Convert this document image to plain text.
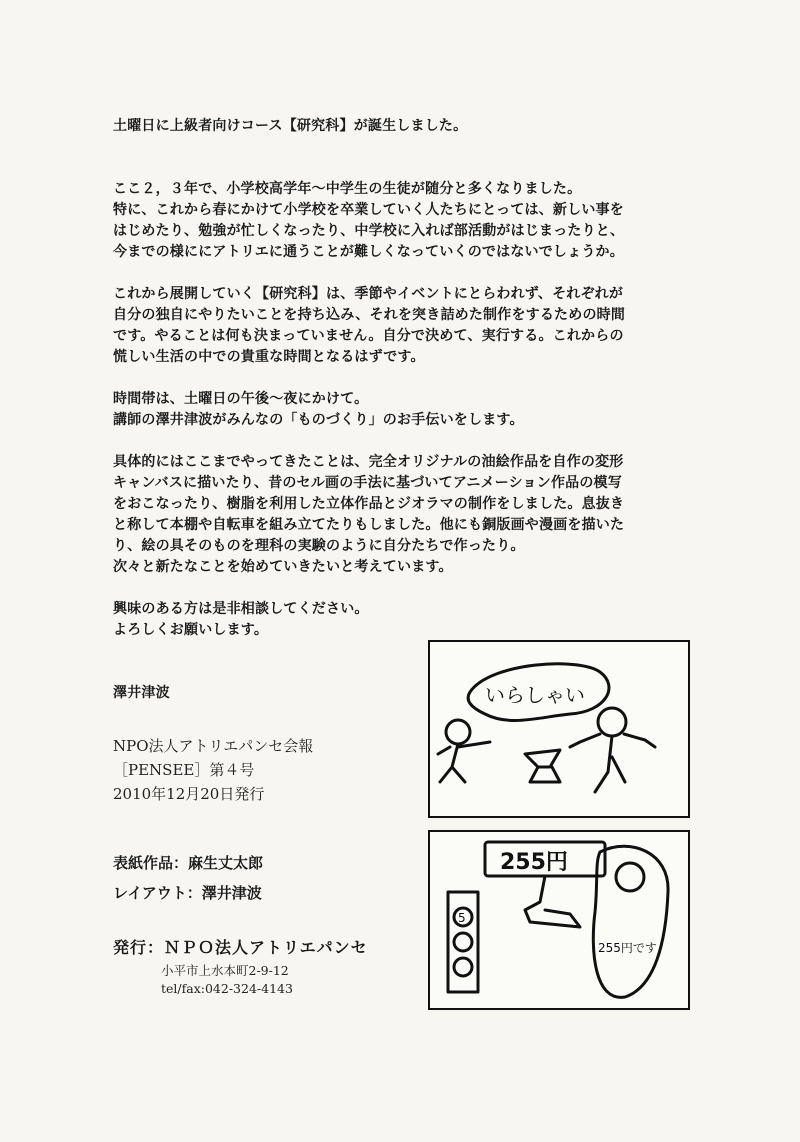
土曜日に上級者向けコース【研究科】が誕生しました。

ここ２，３年で、小学校高学年～中学生の生徒が随分と多くなりました。
特に、これから春にかけて小学校を卒業していく人たちにとっては、新しい事を
はじめたり、勉強が忙しくなったり、中学校に入れば部活動がはじまったりと、
今までの様ににアトリエに通うことが難しくなっていくのではないでしょうか。

これから展開していく【研究科】は、季節やイベントにとらわれず、それぞれが
自分の独自にやりたいことを持ち込み、それを突き詰めた制作をするための時間
です。やることは何も決まっていません。自分で決めて、実行する。これからの
慌しい生活の中での貴重な時間となるはずです。

時間帯は、土曜日の午後～夜にかけて。
講師の澤井津波がみんなの「ものづくり」のお手伝いをします。

具体的にはここまでやってきたことは、完全オリジナルの油絵作品を自作の変形
キャンバスに描いたり、昔のセル画の手法に基づいてアニメーション作品の模写
をおこなったり、樹脂を利用した立体作品とジオラマの制作をしました。息抜き
と称して本棚や自転車を組み立てたりもしました。他にも銅版画や漫画を描いた
り、絵の具そのものを理科の実験のように自分たちで作ったり。
次々と新たなことを始めていきたいと考えています。

興味のある方は是非相談してください。
よろしくお願いします。

澤井津波

NPO法人アトリエパンセ会報

［PENSEE］第４号

2010年12月20日発行

表紙作品：麻生丈太郎

レイアウト：澤井津波

発行：ＮＰＯ法人アトリエパンセ
小平市上水本町2-9-12
tel/fax:042-324-4143
いらしゃい
255円
5
255円です
